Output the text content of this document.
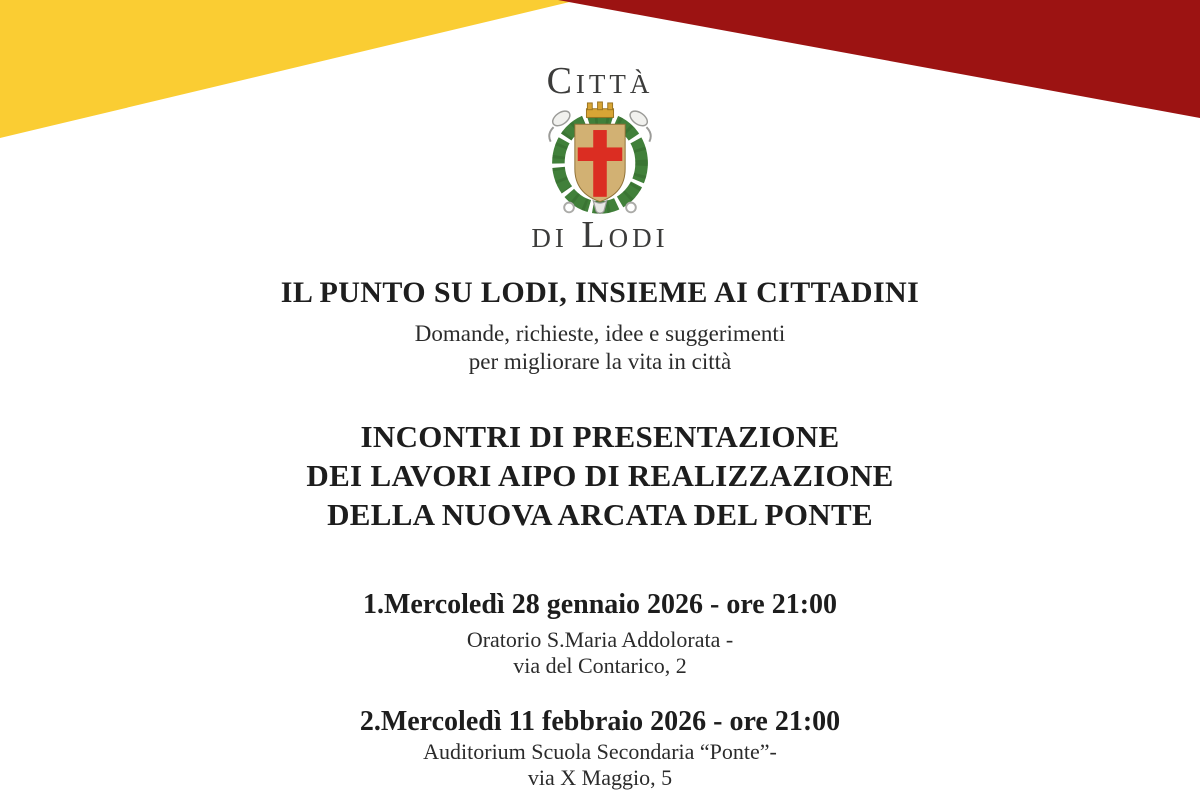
Città
di Lodi
IL PUNTO SU LODI, INSIEME AI CITTADINI
Domande, richieste, idee e suggerimenti
per migliorare la vita in città
INCONTRI DI PRESENTAZIONE
DEI LAVORI AIPO DI REALIZZAZIONE
DELLA NUOVA ARCATA DEL PONTE
1.Mercoledì 28 gennaio 2026 - ore 21:00
Oratorio S.Maria Addolorata -
via del Contarico, 2
2.Mercoledì 11 febbraio 2026 - ore 21:00
Auditorium Scuola Secondaria “Ponte”-
via X Maggio, 5
